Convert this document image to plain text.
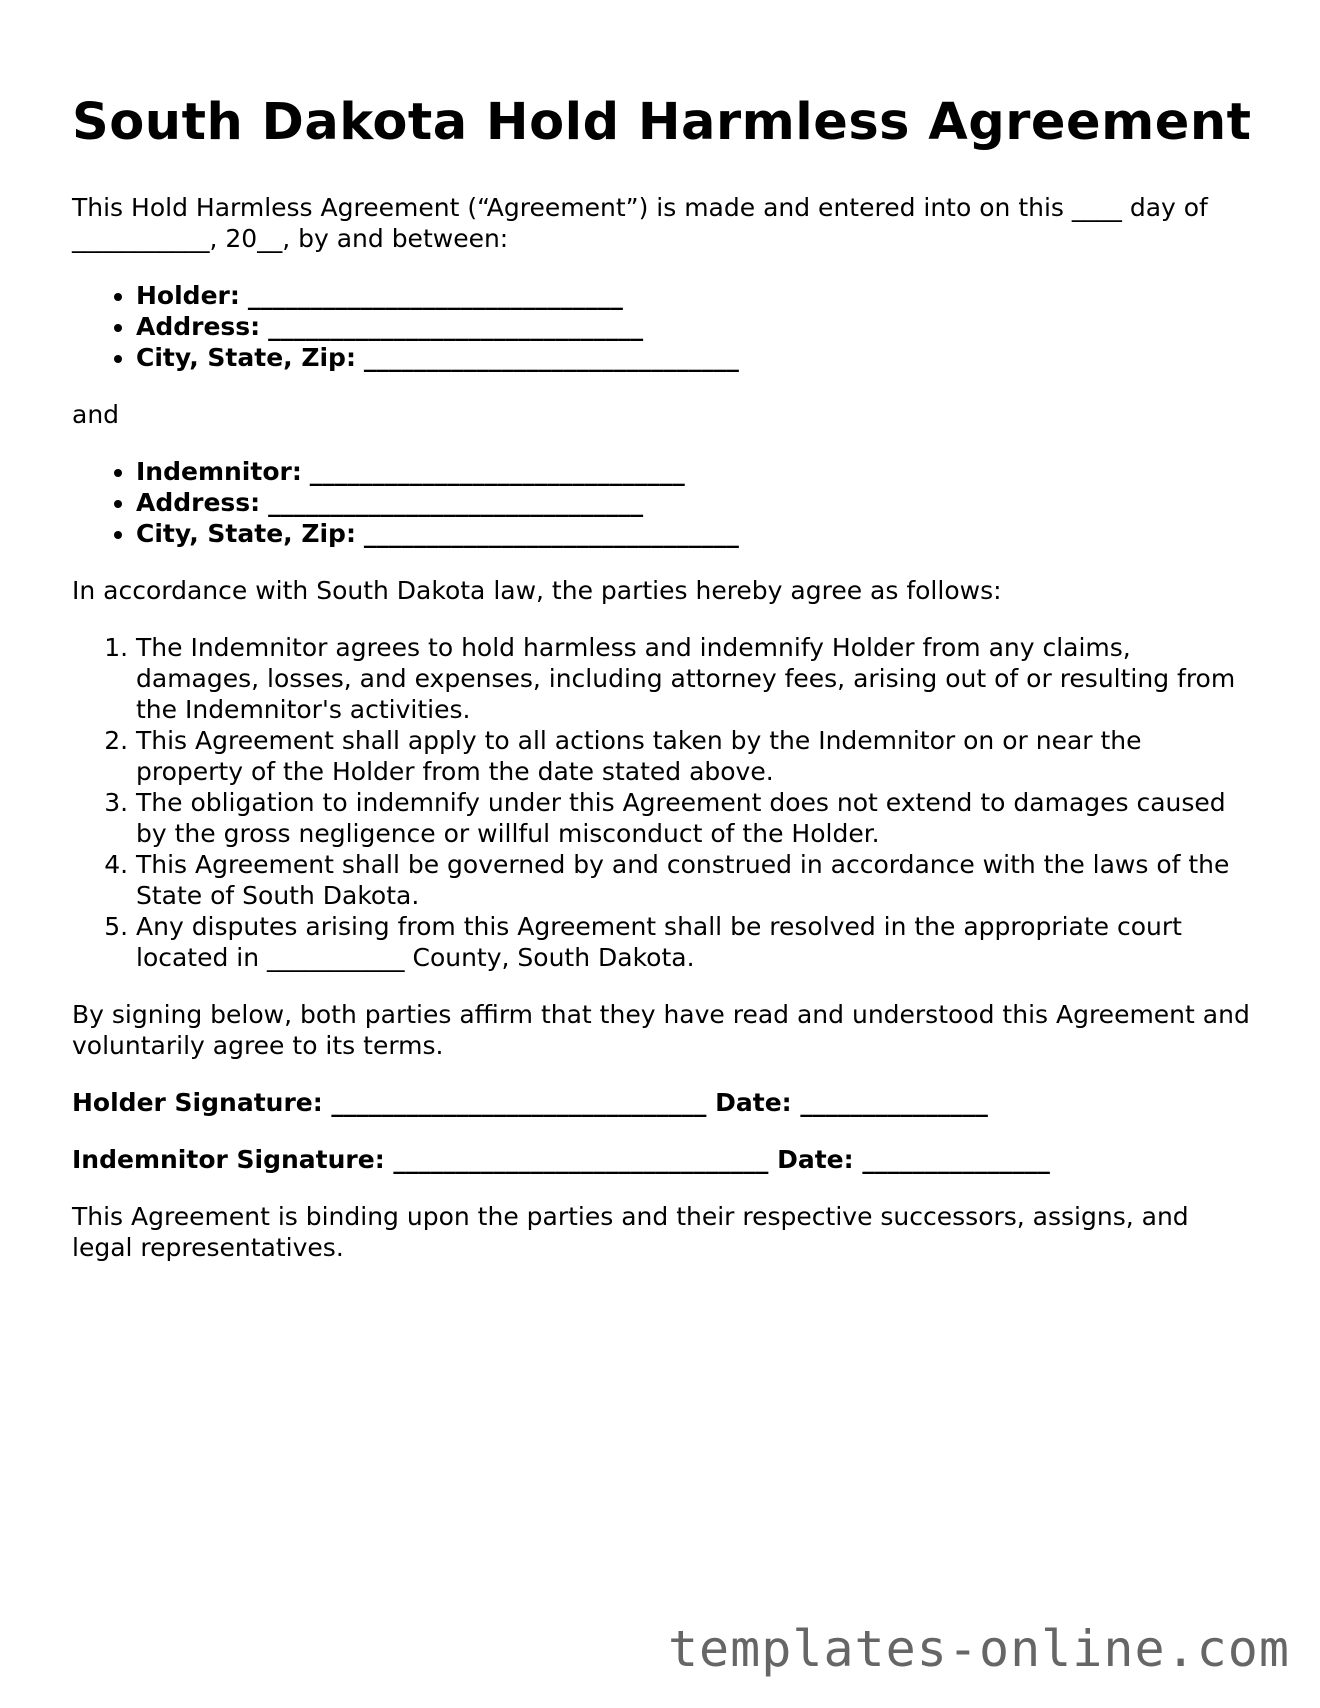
South Dakota Hold Harmless Agreement

This Hold Harmless Agreement (“Agreement”) is made and entered into on this ____ day of ___________, 20__, by and between:

• Holder: ______________________________
• Address: ______________________________
• City, State, Zip: ______________________________

and

• Indemnitor: ______________________________
• Address: ______________________________
• City, State, Zip: ______________________________

In accordance with South Dakota law, the parties hereby agree as follows:

1. The Indemnitor agrees to hold harmless and indemnify Holder from any claims, damages, losses, and expenses, including attorney fees, arising out of or resulting from the Indemnitor's activities.
2. This Agreement shall apply to all actions taken by the Indemnitor on or near the property of the Holder from the date stated above.
3. The obligation to indemnify under this Agreement does not extend to damages caused by the gross negligence or willful misconduct of the Holder.
4. This Agreement shall be governed by and construed in accordance with the laws of the State of South Dakota.
5. Any disputes arising from this Agreement shall be resolved in the appropriate court located in ___________ County, South Dakota.

By signing below, both parties affirm that they have read and understood this Agreement and voluntarily agree to its terms.

Holder Signature: ______________________________ Date: _______________
Indemnitor Signature: ______________________________ Date: _______________

This Agreement is binding upon the parties and their respective successors, assigns, and legal representatives.

templates-online.com
